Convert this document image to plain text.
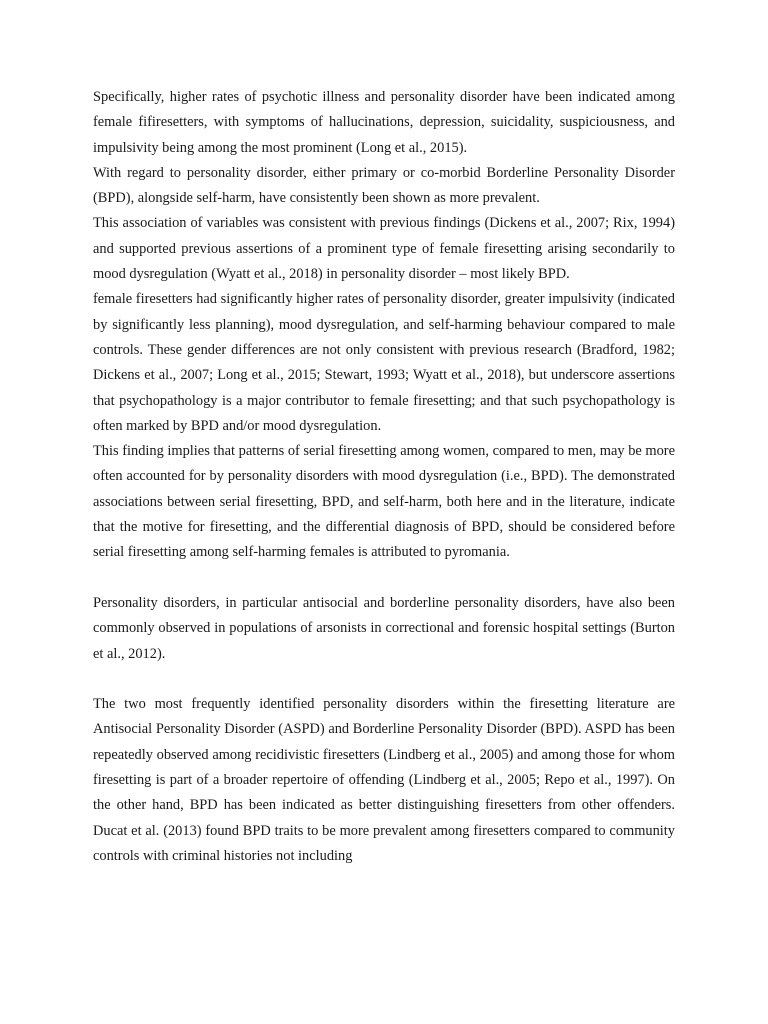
Specifically, higher rates of psychotic illness and personality disorder have been indicated among female fifiresetters, with symptoms of hallucinations, depression, suicidality, suspiciousness, and impulsivity being among the most prominent (Long et al., 2015).

With regard to personality disorder, either primary or co-morbid Borderline Personality Disorder (BPD), alongside self-harm, have consistently been shown as more prevalent.

This association of variables was consistent with previous findings (Dickens et al., 2007; Rix, 1994) and supported previous assertions of a prominent type of female firesetting arising secondarily to mood dysregulation (Wyatt et al., 2018) in personality disorder – most likely BPD.

female firesetters had significantly higher rates of personality disorder, greater impulsivity (indicated by significantly less planning), mood dysregulation, and self-harming behaviour compared to male controls. These gender differences are not only consistent with previous research (Bradford, 1982; Dickens et al., 2007; Long et al., 2015; Stewart, 1993; Wyatt et al., 2018), but underscore assertions that psychopathology is a major contributor to female firesetting; and that such psychopathology is often marked by BPD and/or mood dysregulation.

This finding implies that patterns of serial firesetting among women, compared to men, may be more often accounted for by personality disorders with mood dysregulation (i.e., BPD). The demonstrated associations between serial firesetting, BPD, and self-harm, both here and in the literature, indicate that the motive for firesetting, and the differential diagnosis of BPD, should be considered before serial firesetting among self-harming females is attributed to pyromania.

Personality disorders, in particular antisocial and borderline personality disorders, have also been commonly observed in populations of arsonists in correctional and forensic hospital settings (Burton et al., 2012).

The two most frequently identified personality disorders within the firesetting literature are Antisocial Personality Disorder (ASPD) and Borderline Personality Disorder (BPD). ASPD has been repeatedly observed among recidivistic firesetters (Lindberg et al., 2005) and among those for whom firesetting is part of a broader repertoire of offending (Lindberg et al., 2005; Repo et al., 1997). On the other hand, BPD has been indicated as better distinguishing firesetters from other offenders. Ducat et al. (2013) found BPD traits to be more prevalent among firesetters compared to community controls with criminal histories not including
